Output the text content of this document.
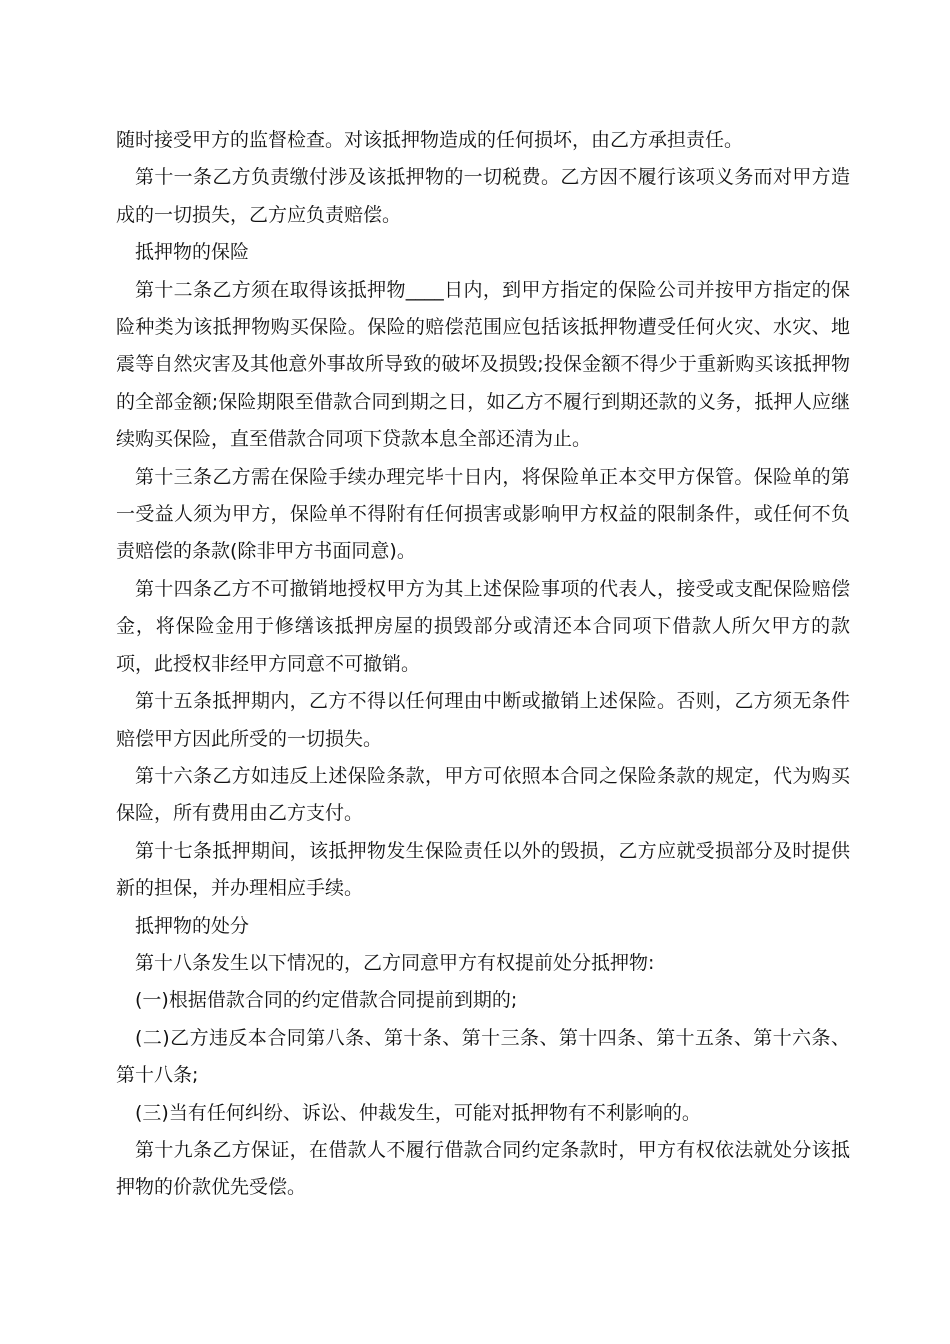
随时接受甲方的监督检查。对该抵押物造成的任何损坏，由乙方承担责任。

第十一条乙方负责缴付涉及该抵押物的一切税费。乙方因不履行该项义务而对甲方造成的一切损失，乙方应负责赔偿。

抵押物的保险

第十二条乙方须在取得该抵押物____日内，到甲方指定的保险公司并按甲方指定的保险种类为该抵押物购买保险。保险的赔偿范围应包括该抵押物遭受任何火灾、水灾、地震等自然灾害及其他意外事故所导致的破坏及损毁;投保金额不得少于重新购买该抵押物的全部金额;保险期限至借款合同到期之日，如乙方不履行到期还款的义务，抵押人应继续购买保险，直至借款合同项下贷款本息全部还清为止。

第十三条乙方需在保险手续办理完毕十日内，将保险单正本交甲方保管。保险单的第一受益人须为甲方，保险单不得附有任何损害或影响甲方权益的限制条件，或任何不负责赔偿的条款(除非甲方书面同意)。

第十四条乙方不可撤销地授权甲方为其上述保险事项的代表人，接受或支配保险赔偿金，将保险金用于修缮该抵押房屋的损毁部分或清还本合同项下借款人所欠甲方的款项，此授权非经甲方同意不可撤销。

第十五条抵押期内，乙方不得以任何理由中断或撤销上述保险。否则，乙方须无条件赔偿甲方因此所受的一切损失。

第十六条乙方如违反上述保险条款，甲方可依照本合同之保险条款的规定，代为购买保险，所有费用由乙方支付。

第十七条抵押期间，该抵押物发生保险责任以外的毁损，乙方应就受损部分及时提供新的担保，并办理相应手续。

抵押物的处分

第十八条发生以下情况的，乙方同意甲方有权提前处分抵押物:

(一)根据借款合同的约定借款合同提前到期的;

(二)乙方违反本合同第八条、第十条、第十三条、第十四条、第十五条、第十六条、第十八条;

(三)当有任何纠纷、诉讼、仲裁发生，可能对抵押物有不利影响的。

第十九条乙方保证，在借款人不履行借款合同约定条款时，甲方有权依法就处分该抵押物的价款优先受偿。
